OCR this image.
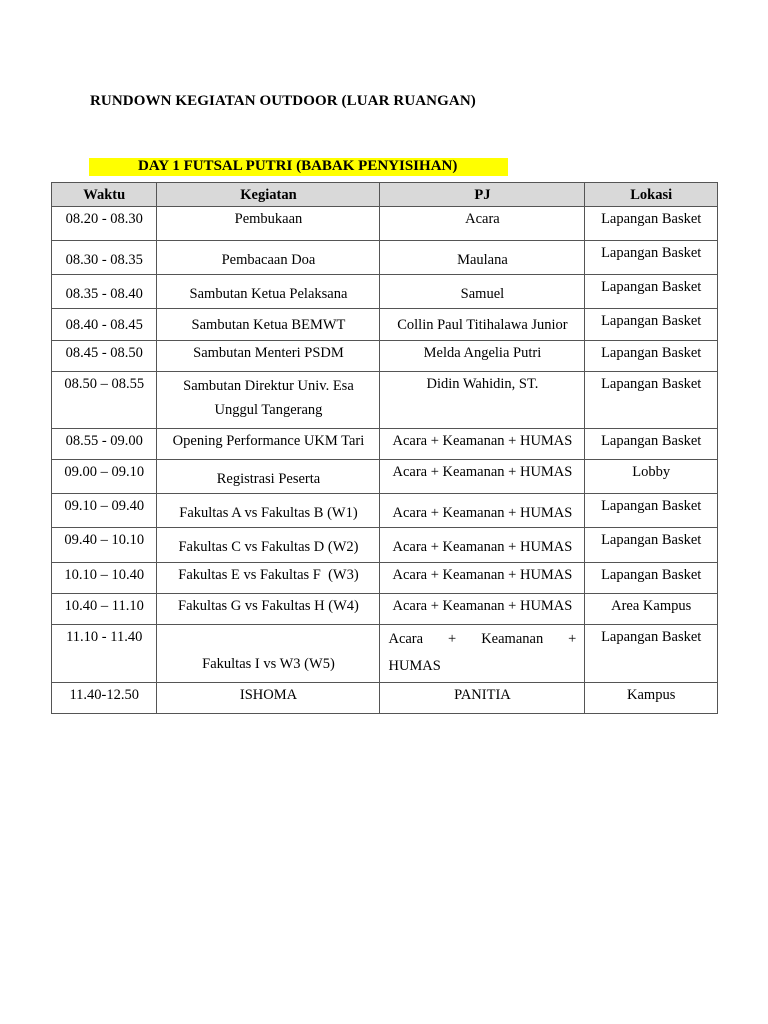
RUNDOWN KEGIATAN OUTDOOR (LUAR RUANGAN)
DAY 1 FUTSAL PUTRI (BABAK PENYISIHAN)
Waktu	Kegiatan	PJ	Lokasi

08.20 - 08.30	Pembukaan	Acara	Lapangan Basket

08.30 - 08.35	Pembacaan Doa	Maulana	Lapangan Basket

08.35 - 08.40	Sambutan Ketua Pelaksana	Samuel	Lapangan Basket

08.40 - 08.45	Sambutan Ketua BEMWT	Collin Paul Titihalawa Junior	Lapangan Basket

08.45 - 08.50	Sambutan Menteri PSDM	Melda Angelia Putri	Lapangan Basket

08.50 – 08.55	Sambutan Direktur Univ. Esa
Unggul Tangerang	Didin Wahidin, ST.	Lapangan Basket

08.55 - 09.00	Opening Performance UKM Tari	Acara + Keamanan + HUMAS	Lapangan Basket

09.00 – 09.10	Registrasi Peserta	Acara + Keamanan + HUMAS	Lobby

09.10 – 09.40	Fakultas A vs Fakultas B (W1)	Acara + Keamanan + HUMAS	Lapangan Basket

09.40 – 10.10	Fakultas C vs Fakultas D (W2)	Acara + Keamanan + HUMAS	Lapangan Basket

10.10 – 10.40	Fakultas E vs Fakultas F  (W3)	Acara + Keamanan + HUMAS	Lapangan Basket

10.40 – 11.10	Fakultas G vs Fakultas H (W4)	Acara + Keamanan + HUMAS	Area Kampus

11.10 - 11.40	Fakultas I vs W3 (W5)	Acara + Keamanan +
HUMAS	Lapangan Basket

11.40-12.50	ISHOMA	PANITIA	Kampus
